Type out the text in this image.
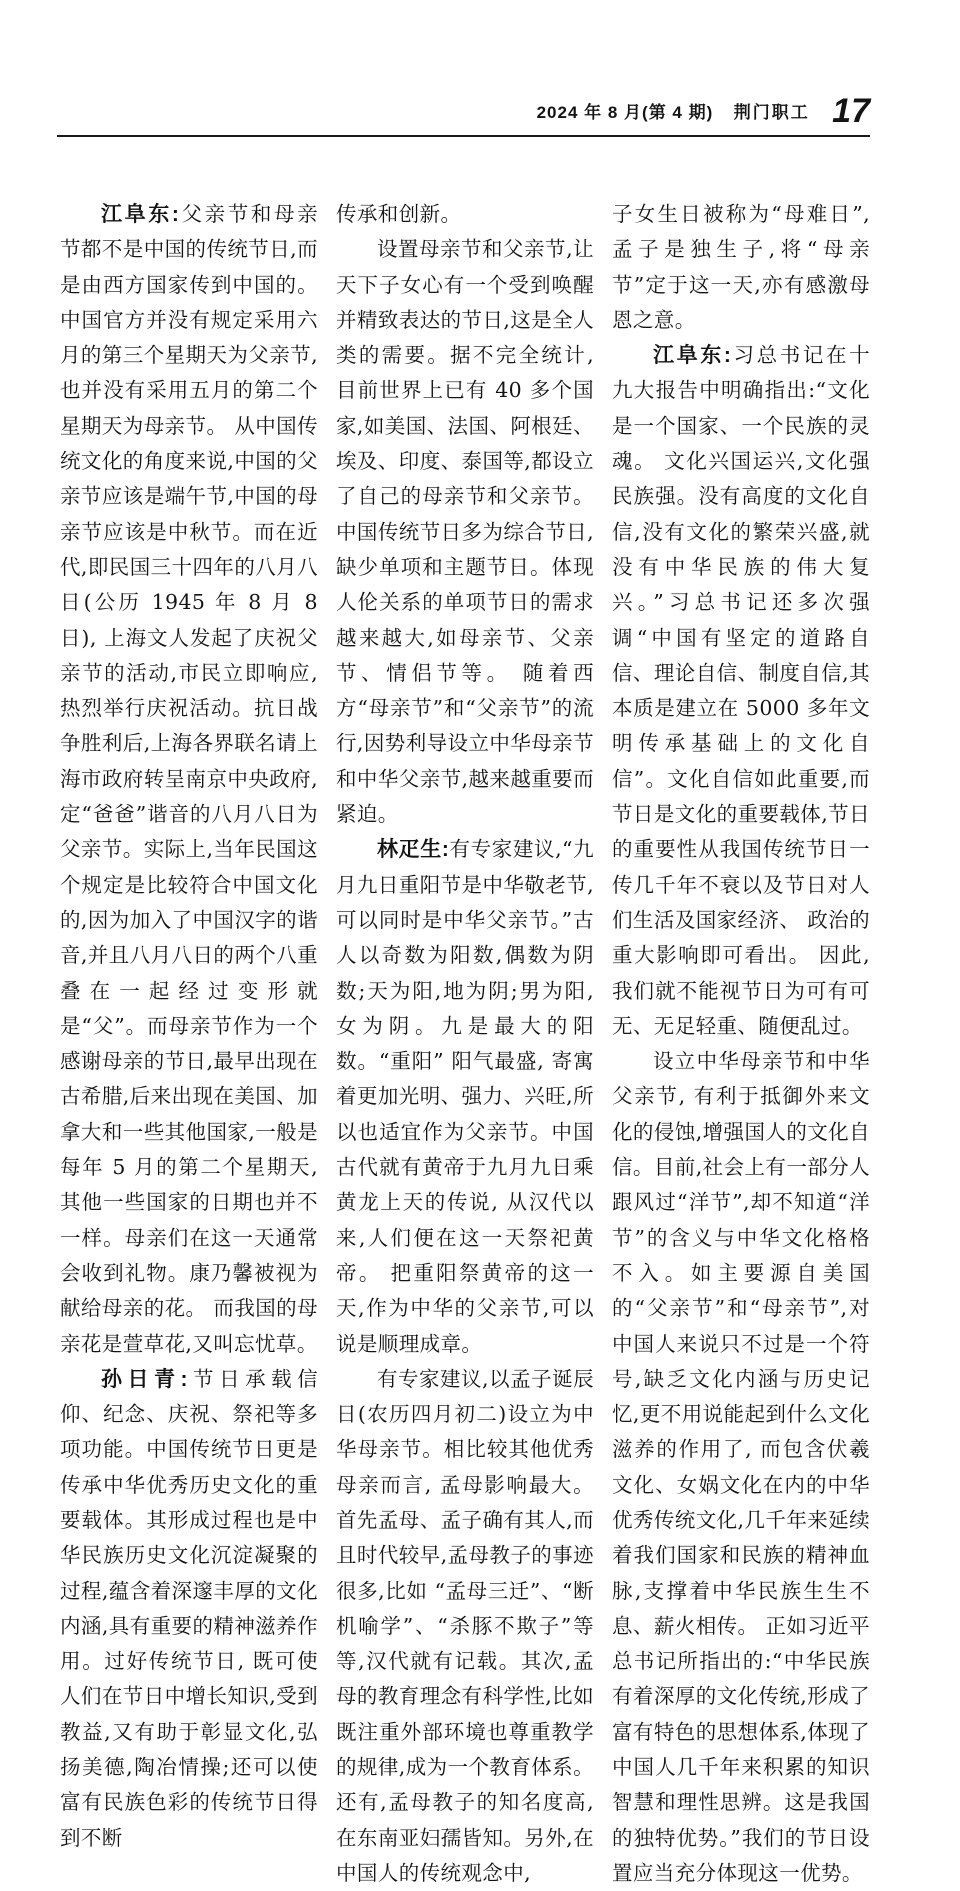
2024 年 8 月(第 4 期) 荆门职工 17

江阜东:父亲节和母亲节都不是中国的传统节日,而是由西方国家传到中国的。中国官方并没有规定采用六月的第三个星期天为父亲节,也并没有采用五月的第二个星期天为母亲节。 从中国传统文化的角度来说,中国的父亲节应该是端午节,中国的母亲节应该是中秋节。而在近代,即民国三十四年的八月八日(公历 1945 年 8 月 8 日), 上海文人发起了庆祝父亲节的活动,市民立即响应,热烈举行庆祝活动。抗日战争胜利后,上海各界联名请上海市政府转呈南京中央政府,定“爸爸”谐音的八月八日为父亲节。实际上,当年民国这个规定是比较符合中国文化的,因为加入了中国汉字的谐音,并且八月八日的两个八重叠在一起经过变形就是“父”。而母亲节作为一个感谢母亲的节日,最早出现在古希腊,后来出现在美国、加拿大和一些其他国家,一般是每年 5 月的第二个星期天,其他一些国家的日期也并不一样。母亲们在这一天通常会收到礼物。康乃馨被视为献给母亲的花。 而我国的母亲花是萱草花,又叫忘忧草。

孙日青:节日承载信仰、纪念、庆祝、祭祀等多项功能。中国传统节日更是传承中华优秀历史文化的重要载体。其形成过程也是中华民族历史文化沉淀凝聚的过程,蕴含着深邃丰厚的文化内涵,具有重要的精神滋养作用。过好传统节日, 既可使人们在节日中增长知识,受到教益,又有助于彰显文化,弘扬美德,陶冶情操;还可以使富有民族色彩的传统节日得到不断

传承和创新。

设置母亲节和父亲节,让天下子女心有一个受到唤醒并精致表达的节日,这是全人类的需要。据不完全统计, 目前世界上已有 40 多个国家,如美国、法国、阿根廷、埃及、印度、泰国等,都设立了自己的母亲节和父亲节。中国传统节日多为综合节日,缺少单项和主题节日。体现人伦关系的单项节日的需求越来越大,如母亲节、父亲节、情侣节等。 随着西方“母亲节”和“父亲节”的流行,因势利导设立中华母亲节和中华父亲节,越来越重要而紧迫。

林疋生:有专家建议,“九月九日重阳节是中华敬老节,可以同时是中华父亲节。”古人以奇数为阳数,偶数为阴数;天为阳,地为阴;男为阳,女为阴。九是最大的阳数。“重阳” 阳气最盛, 寄寓着更加光明、强力、兴旺,所以也适宜作为父亲节。中国古代就有黄帝于九月九日乘黄龙上天的传说, 从汉代以来,人们便在这一天祭祀黄帝。 把重阳祭黄帝的这一天,作为中华的父亲节,可以说是顺理成章。

有专家建议,以孟子诞辰日(农历四月初二)设立为中华母亲节。相比较其他优秀母亲而言, 孟母影响最大。首先孟母、孟子确有其人,而且时代较早,孟母教子的事迹很多,比如 “孟母三迁”、“断机喻学”、“杀豚不欺子”等等,汉代就有记载。其次,孟母的教育理念有科学性,比如既注重外部环境也尊重教学的规律,成为一个教育体系。还有,孟母教子的知名度高, 在东南亚妇孺皆知。另外,在中国人的传统观念中,

子女生日被称为“母难日”,孟子是独生子,将“母亲节”定于这一天,亦有感激母恩之意。

江阜东:习总书记在十九大报告中明确指出:“文化是一个国家、一个民族的灵魂。 文化兴国运兴,文化强民族强。没有高度的文化自信,没有文化的繁荣兴盛,就没有中华民族的伟大复兴。”习总书记还多次强调“中国有坚定的道路自信、理论自信、制度自信,其本质是建立在 5000 多年文明传承基础上的文化自信”。文化自信如此重要,而节日是文化的重要载体,节日的重要性从我国传统节日一传几千年不衰以及节日对人们生活及国家经济、 政治的重大影响即可看出。 因此,我们就不能视节日为可有可无、无足轻重、随便乱过。

设立中华母亲节和中华父亲节, 有利于抵御外来文化的侵蚀,增强国人的文化自信。目前,社会上有一部分人跟风过“洋节”,却不知道“洋节”的含义与中华文化格格不入。如主要源自美国的“父亲节”和“母亲节”,对中国人来说只不过是一个符号,缺乏文化内涵与历史记忆,更不用说能起到什么文化滋养的作用了, 而包含伏羲文化、女娲文化在内的中华优秀传统文化,几千年来延续着我们国家和民族的精神血脉,支撑着中华民族生生不息、薪火相传。 正如习近平总书记所指出的:“中华民族有着深厚的文化传统,形成了富有特色的思想体系,体现了中国人几千年来积累的知识智慧和理性思辨。这是我国的独特优势。”我们的节日设置应当充分体现这一优势。
